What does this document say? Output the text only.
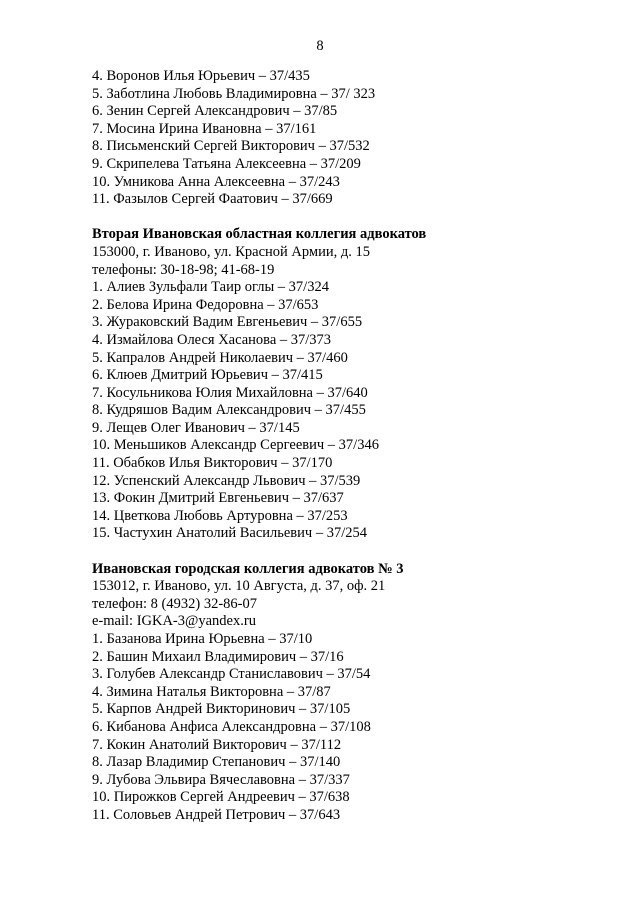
8

4. Воронов Илья Юрьевич – 37/435

5. Заботлина Любовь Владимировна – 37/ 323

6. Зенин Сергей Александрович – 37/85

7. Мосина Ирина Ивановна – 37/161

8. Письменский Сергей Викторович – 37/532

9. Скрипелева Татьяна Алексеевна – 37/209

10. Умникова Анна Алексеевна – 37/243

11. Фазылов Сергей Фаатович – 37/669

Вторая Ивановская областная коллегия адвокатов

153000, г. Иваново, ул. Красной Армии, д. 15

телефоны: 30-18-98; 41-68-19

1. Алиев Зульфали Таир оглы – 37/324

2. Белова Ирина Федоровна – 37/653

3. Жураковский Вадим Евгеньевич – 37/655

4. Измайлова Олеся Хасанова – 37/373

5. Капралов Андрей Николаевич – 37/460

6. Клюев Дмитрий Юрьевич – 37/415

7. Косульникова Юлия Михайловна – 37/640

8. Кудряшов Вадим Александрович – 37/455

9. Лещев Олег Иванович – 37/145

10. Меньшиков Александр Сергеевич – 37/346

11. Обабков Илья Викторович – 37/170

12. Успенский Александр Львович – 37/539

13. Фокин Дмитрий Евгеньевич – 37/637

14. Цветкова Любовь Артуровна – 37/253

15. Частухин Анатолий Васильевич – 37/254

Ивановская городская коллегия адвокатов № 3

153012, г. Иваново, ул. 10 Августа, д. 37, оф. 21

телефон: 8 (4932) 32-86-07

e-mail: IGKA-3@yandex.ru

1. Базанова Ирина Юрьевна – 37/10

2. Башин Михаил Владимирович – 37/16

3. Голубев Александр Станиславович – 37/54

4. Зимина Наталья Викторовна – 37/87

5. Карпов Андрей Викторинович – 37/105

6. Кибанова Анфиса Александровна – 37/108

7. Кокин Анатолий Викторович – 37/112

8. Лазар Владимир Степанович – 37/140

9. Лубова Эльвира Вячеславовна – 37/337

10. Пирожков Сергей Андреевич – 37/638

11. Соловьев Андрей Петрович – 37/643
